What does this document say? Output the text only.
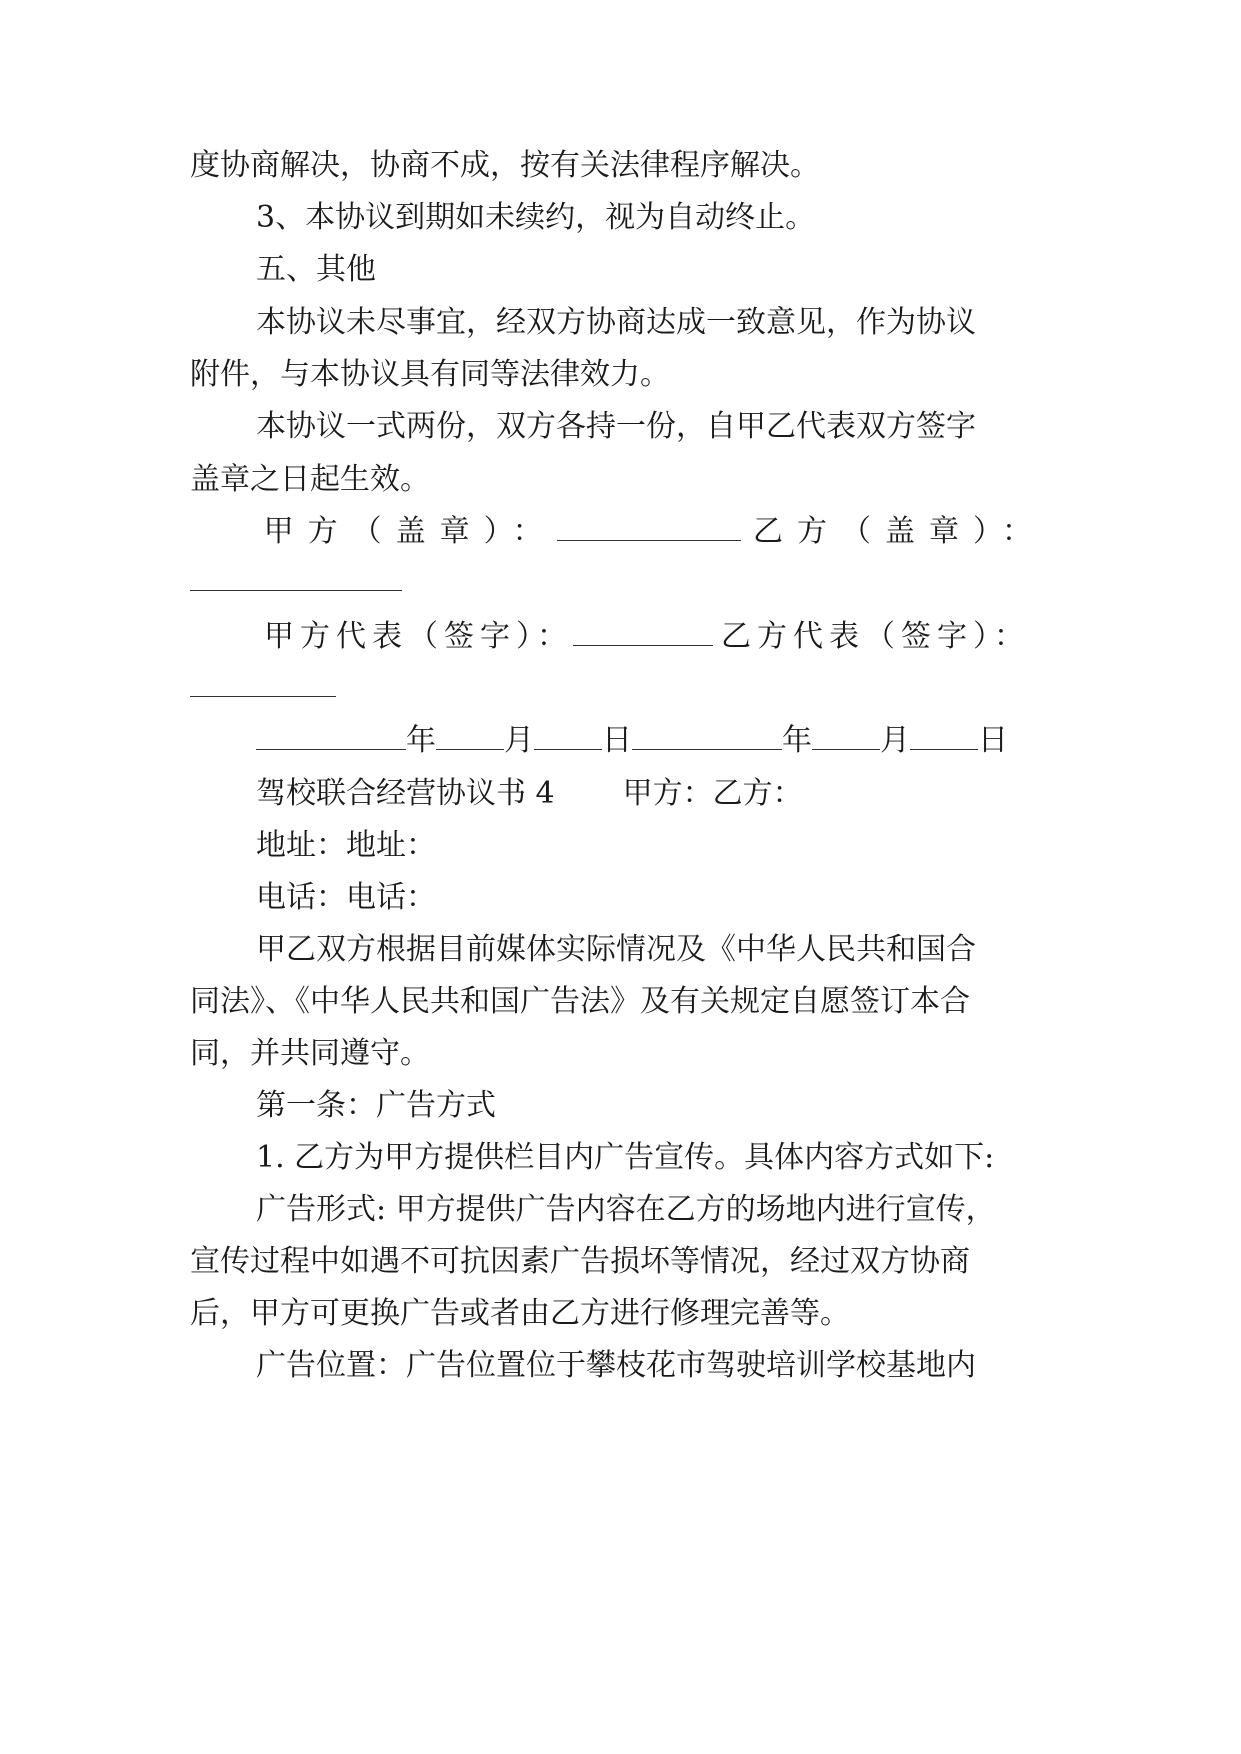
度协商解决，协商不成，按有关法律程序解决。
3、本协议到期如未续约，视为自动终止。
五、其他
本协议未尽事宜，经双方协商达成一致意见，作为协议
附件，与本协议具有同等法律效力。
本协议一式两份，双方各持一份，自甲乙代表双方签字
盖章之日起生效。
甲方（盖章）：	乙方（盖章）：
甲方代表（签字）：	乙方代表（签字）：
年 月 日	年 月 日
驾校联合经营协议书 4 甲方：乙方：
地址：地址：
电话：电话：
甲乙双方根据目前媒体实际情况及《中华人民共和国合
同法》、《中华人民共和国广告法》及有关规定自愿签订本合
同，并共同遵守。
第一条：广告方式
1. 乙方为甲方提供栏目内广告宣传。具体内容方式如下:
广告形式: 甲方提供广告内容在乙方的场地内进行宣传，
宣传过程中如遇不可抗因素广告损坏等情况，经过双方协商
后，甲方可更换广告或者由乙方进行修理完善等。
广告位置：广告位置位于攀枝花市驾驶培训学校基地内
